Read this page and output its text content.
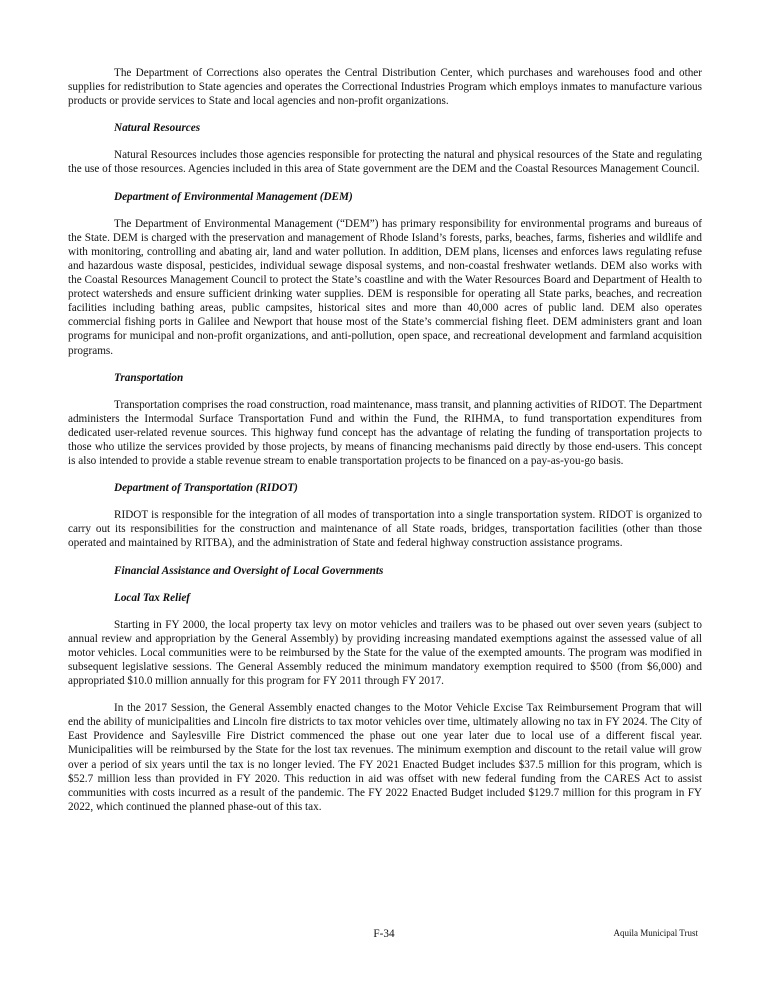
The Department of Corrections also operates the Central Distribution Center, which purchases and warehouses food and other supplies for redistribution to State agencies and operates the Correctional Industries Program which employs inmates to manufacture various products or provide services to State and local agencies and non-profit organizations.

Natural Resources

Natural Resources includes those agencies responsible for protecting the natural and physical resources of the State and regulating the use of those resources. Agencies included in this area of State government are the DEM and the Coastal Resources Management Council.

Department of Environmental Management (DEM)

The Department of Environmental Management (“DEM”) has primary responsibility for environmental programs and bureaus of the State. DEM is charged with the preservation and management of Rhode Island’s forests, parks, beaches, farms, fisheries and wildlife and with monitoring, controlling and abating air, land and water pollution. In addition, DEM plans, licenses and enforces laws regulating refuse and hazardous waste disposal, pesticides, individual sewage disposal systems, and non-coastal freshwater wetlands. DEM also works with the Coastal Resources Management Council to protect the State’s coastline and with the Water Resources Board and Department of Health to protect watersheds and ensure sufficient drinking water supplies. DEM is responsible for operating all State parks, beaches, and recreation facilities including bathing areas, public campsites, historical sites and more than 40,000 acres of public land. DEM also operates commercial fishing ports in Galilee and Newport that house most of the State’s commercial fishing fleet. DEM administers grant and loan programs for municipal and non-profit organizations, and anti-pollution, open space, and recreational development and farmland acquisition programs.

Transportation

Transportation comprises the road construction, road maintenance, mass transit, and planning activities of RIDOT. The Department administers the Intermodal Surface Transportation Fund and within the Fund, the RIHMA, to fund transportation expenditures from dedicated user-related revenue sources. This highway fund concept has the advantage of relating the funding of transportation projects to those who utilize the services provided by those projects, by means of financing mechanisms paid directly by those end-users. This concept is also intended to provide a stable revenue stream to enable transportation projects to be financed on a pay-as-you-go basis.

Department of Transportation (RIDOT)

RIDOT is responsible for the integration of all modes of transportation into a single transportation system. RIDOT is organized to carry out its responsibilities for the construction and maintenance of all State roads, bridges, transportation facilities (other than those operated and maintained by RITBA), and the administration of State and federal highway construction assistance programs.

Financial Assistance and Oversight of Local Governments

Local Tax Relief

Starting in FY 2000, the local property tax levy on motor vehicles and trailers was to be phased out over seven years (subject to annual review and appropriation by the General Assembly) by providing increasing mandated exemptions against the assessed value of all motor vehicles. Local communities were to be reimbursed by the State for the value of the exempted amounts. The program was modified in subsequent legislative sessions. The General Assembly reduced the minimum mandatory exemption required to $500 (from $6,000) and appropriated $10.0 million annually for this program for FY 2011 through FY 2017.

In the 2017 Session, the General Assembly enacted changes to the Motor Vehicle Excise Tax Reimbursement Program that will end the ability of municipalities and Lincoln fire districts to tax motor vehicles over time, ultimately allowing no tax in FY 2024. The City of East Providence and Saylesville Fire District commenced the phase out one year later due to local use of a different fiscal year. Municipalities will be reimbursed by the State for the lost tax revenues. The minimum exemption and discount to the retail value will grow over a period of six years until the tax is no longer levied. The FY 2021 Enacted Budget includes $37.5 million for this program, which is $52.7 million less than provided in FY 2020. This reduction in aid was offset with new federal funding from the CARES Act to assist communities with costs incurred as a result of the pandemic. The FY 2022 Enacted Budget included $129.7 million for this program in FY 2022, which continued the planned phase-out of this tax.

F-34	Aquila Municipal Trust
